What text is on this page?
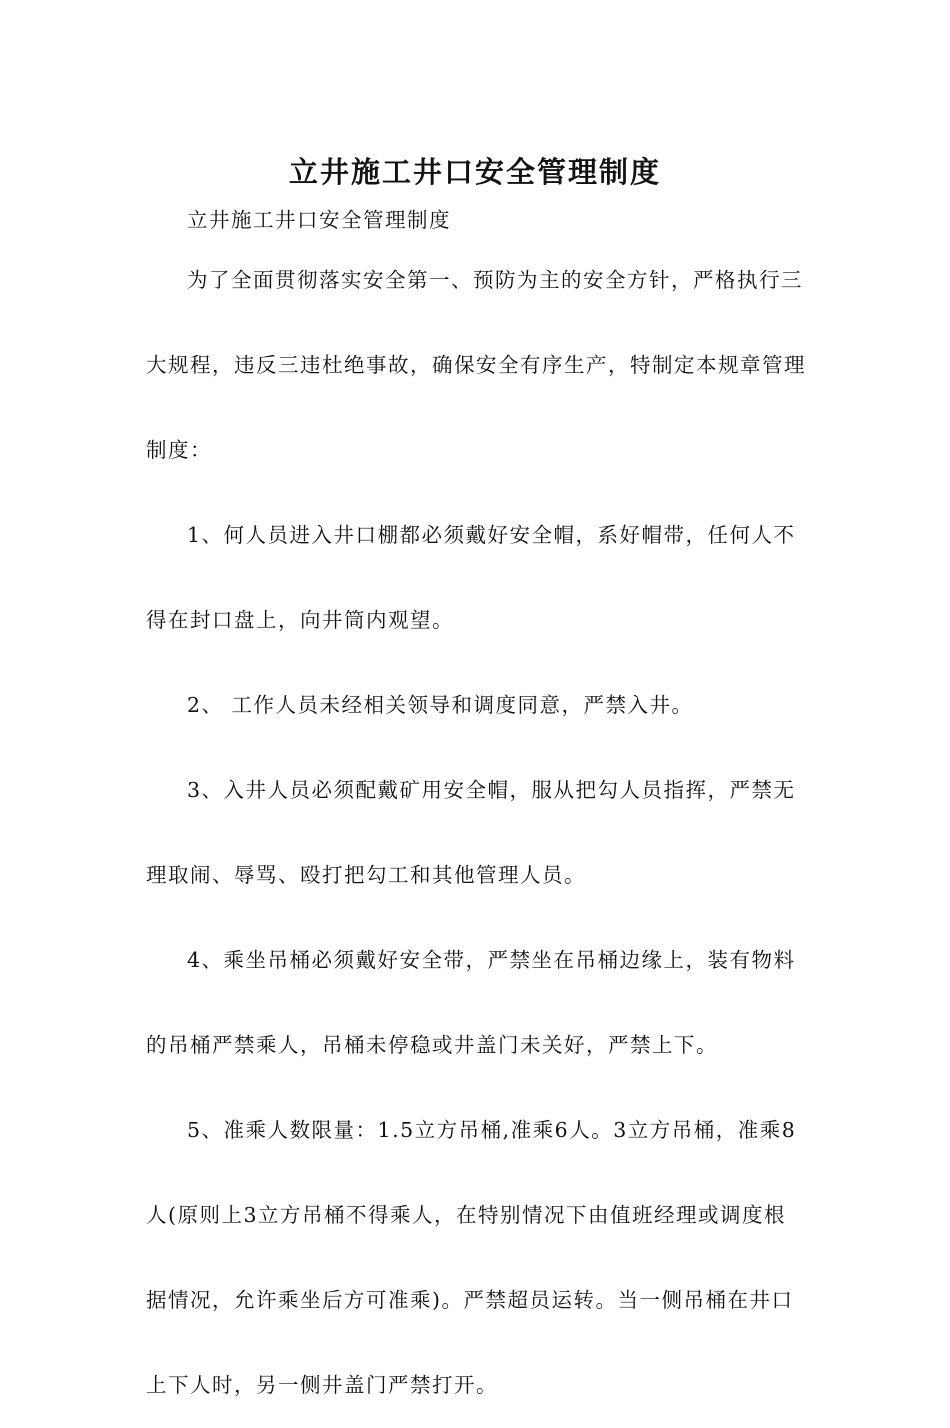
立井施工井口安全管理制度

立井施工井口安全管理制度

为了全面贯彻落实安全第一、预防为主的安全方针，严格执行三大规程，违反三违杜绝事故，确保安全有序生产，特制定本规章管理制度：

1、何人员进入井口棚都必须戴好安全帽，系好帽带，任何人不得在封口盘上，向井筒内观望。

2、 工作人员未经相关领导和调度同意，严禁入井。

3、入井人员必须配戴矿用安全帽，服从把勾人员指挥，严禁无理取闹、辱骂、殴打把勾工和其他管理人员。

4、乘坐吊桶必须戴好安全带，严禁坐在吊桶边缘上，装有物料的吊桶严禁乘人，吊桶未停稳或井盖门未关好，严禁上下。

5、准乘人数限量：1.5立方吊桶,准乘6人。3立方吊桶，准乘8人(原则上3立方吊桶不得乘人，在特别情况下由值班经理或调度根据情况，允许乘坐后方可准乘)。严禁超员运转。当一侧吊桶在井口上下人时，另一侧井盖门严禁打开。
